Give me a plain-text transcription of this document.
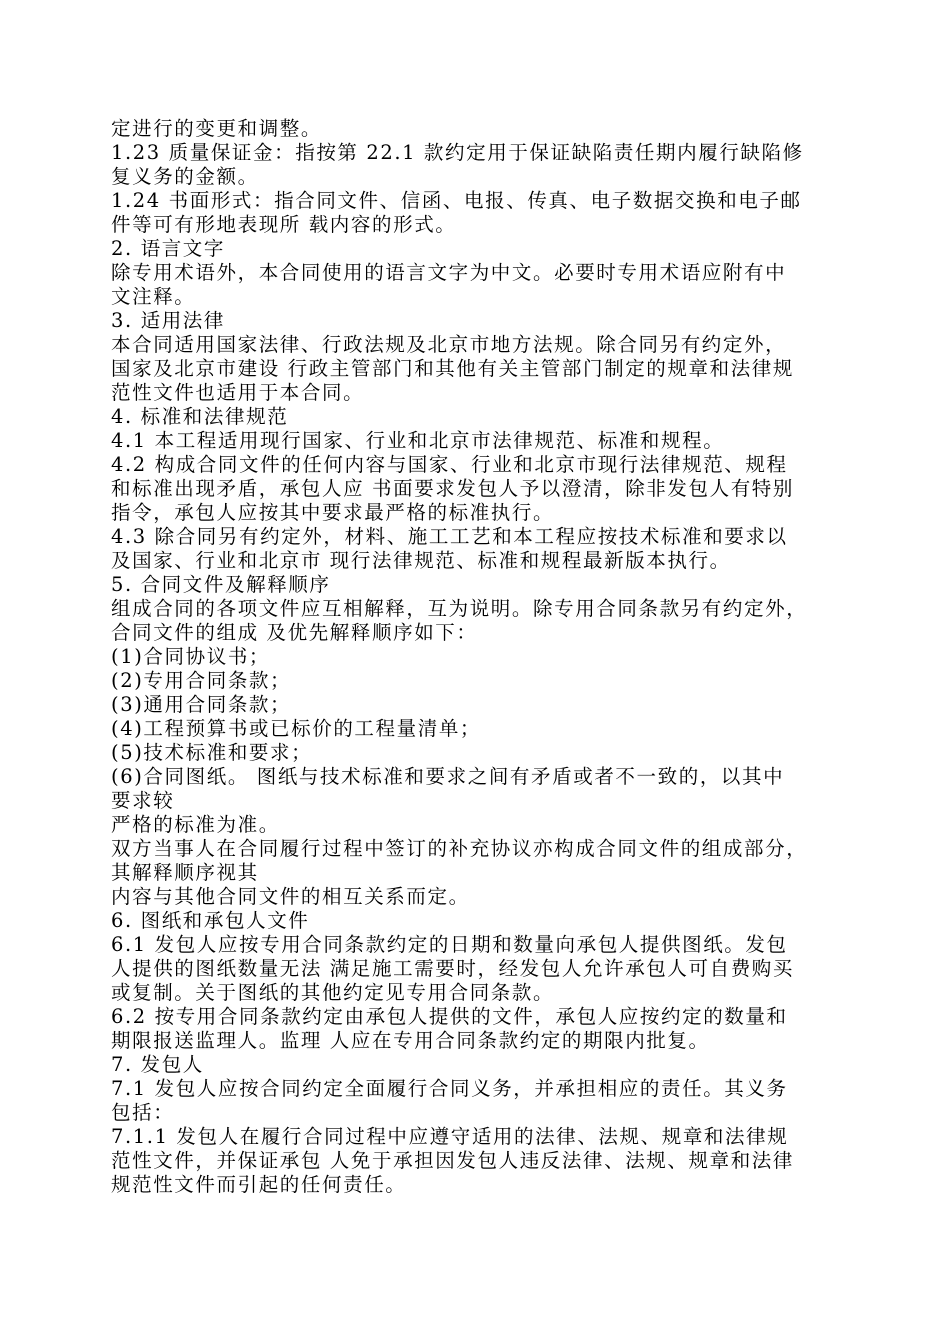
定进行的变更和调整。
1.23 质量保证金：指按第 22.1 款约定用于保证缺陷责任期内履行缺陷修
复义务的金额。
1.24 书面形式：指合同文件、信函、电报、传真、电子数据交换和电子邮
件等可有形地表现所 载内容的形式。
2. 语言文字
除专用术语外，本合同使用的语言文字为中文。必要时专用术语应附有中
文注释。
3. 适用法律
本合同适用国家法律、行政法规及北京市地方法规。除合同另有约定外，
国家及北京市建设 行政主管部门和其他有关主管部门制定的规章和法律规
范性文件也适用于本合同。
4. 标准和法律规范
4.1 本工程适用现行国家、行业和北京市法律规范、标准和规程。
4.2 构成合同文件的任何内容与国家、行业和北京市现行法律规范、规程
和标准出现矛盾，承包人应 书面要求发包人予以澄清，除非发包人有特别
指令，承包人应按其中要求最严格的标准执行。
4.3 除合同另有约定外，材料、施工工艺和本工程应按技术标准和要求以
及国家、行业和北京市 现行法律规范、标准和规程最新版本执行。
5. 合同文件及解释顺序
组成合同的各项文件应互相解释，互为说明。除专用合同条款另有约定外，
合同文件的组成 及优先解释顺序如下：
(1)合同协议书；
(2)专用合同条款；
(3)通用合同条款；
(4)工程预算书或已标价的工程量清单；
(5)技术标准和要求；
(6)合同图纸。 图纸与技术标准和要求之间有矛盾或者不一致的，以其中
要求较
严格的标准为准。
双方当事人在合同履行过程中签订的补充协议亦构成合同文件的组成部分，
其解释顺序视其
内容与其他合同文件的相互关系而定。
6. 图纸和承包人文件
6.1 发包人应按专用合同条款约定的日期和数量向承包人提供图纸。发包
人提供的图纸数量无法 满足施工需要时，经发包人允许承包人可自费购买
或复制。关于图纸的其他约定见专用合同条款。
6.2 按专用合同条款约定由承包人提供的文件，承包人应按约定的数量和
期限报送监理人。监理 人应在专用合同条款约定的期限内批复。
7. 发包人
7.1 发包人应按合同约定全面履行合同义务，并承担相应的责任。其义务
包括：
7.1.1 发包人在履行合同过程中应遵守适用的法律、法规、规章和法律规
范性文件，并保证承包 人免于承担因发包人违反法律、法规、规章和法律
规范性文件而引起的任何责任。
